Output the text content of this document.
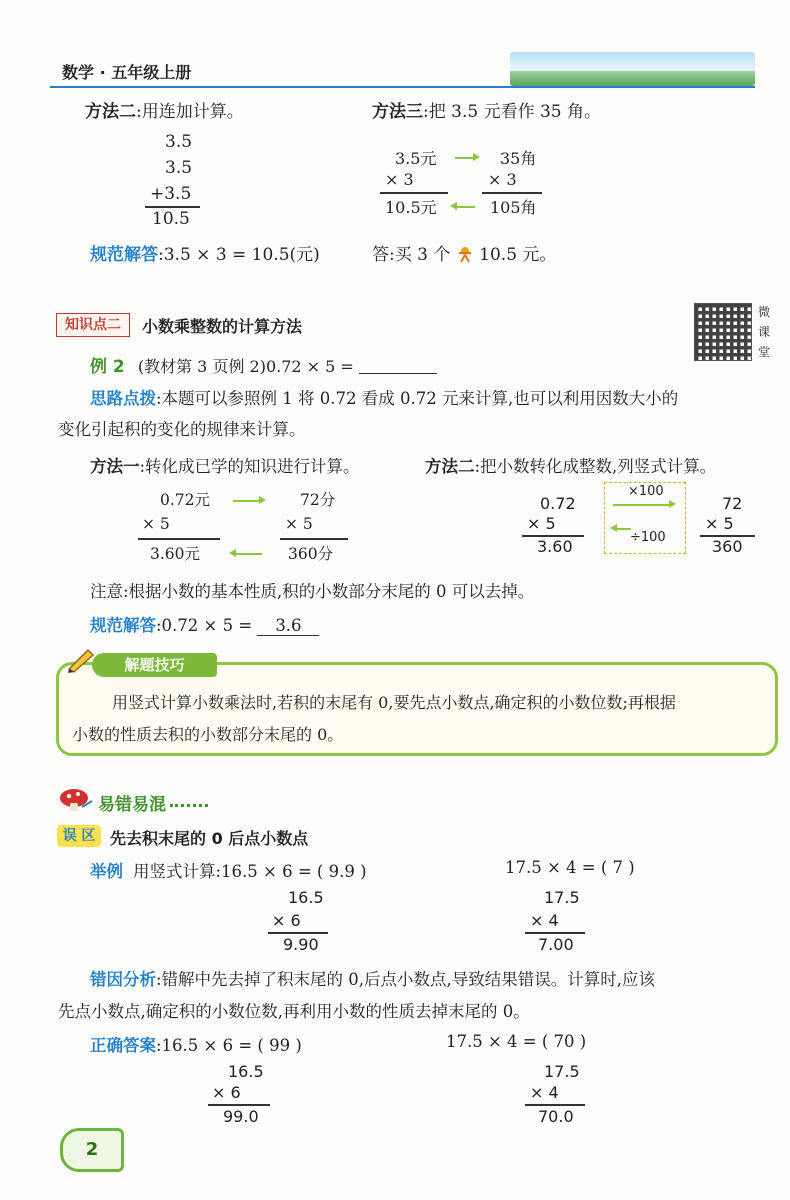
数学 · 五年级上册
方法二:用连加计算。
3.5
3.5
+3.5
10.5
方法三:把 3.5 元看作 35 角。
3.5元
× 3
10.5元
35角
× 3
105角
规范解答:3.5 × 3 = 10.5(元)	答:买 3 个 10.5 元。
知识点二	小数乘整数的计算方法
微
课
堂
例 2 (教材第 3 页例 2)0.72 × 5 =
思路点拨:本题可以参照例 1 将 0.72 看成 0.72 元来计算,也可以利用因数大小的
变化引起积的变化的规律来计算。
方法一:转化成已学的知识进行计算。	方法二:把小数转化成整数,列竖式计算。
0.72元
× 5
3.60元
72分
× 5
360分
0.72
× 5
3.60
×100
÷100
72
× 5
360
注意:根据小数的基本性质,积的小数部分末尾的 0 可以去掉。
规范解答:0.72 × 5 = 3.6
解题技巧
用竖式计算小数乘法时,若积的末尾有 0,要先点小数点,确定积的小数位数;再根据
小数的性质去积的小数部分末尾的 0。
易错易混
误 区 先去积末尾的 0 后点小数点
举例 用竖式计算:16.5 × 6 = ( 9.9 )	17.5 × 4 = ( 7 )
16.5
× 6
9.90
17.5
× 4
7.00
错因分析:错解中先去掉了积末尾的 0,后点小数点,导致结果错误。计算时,应该
先点小数点,确定积的小数位数,再利用小数的性质去掉末尾的 0。
正确答案:16.5 × 6 = ( 99 )	17.5 × 4 = ( 70 )
16.5
× 6
99.0
17.5
× 4
70.0
2
